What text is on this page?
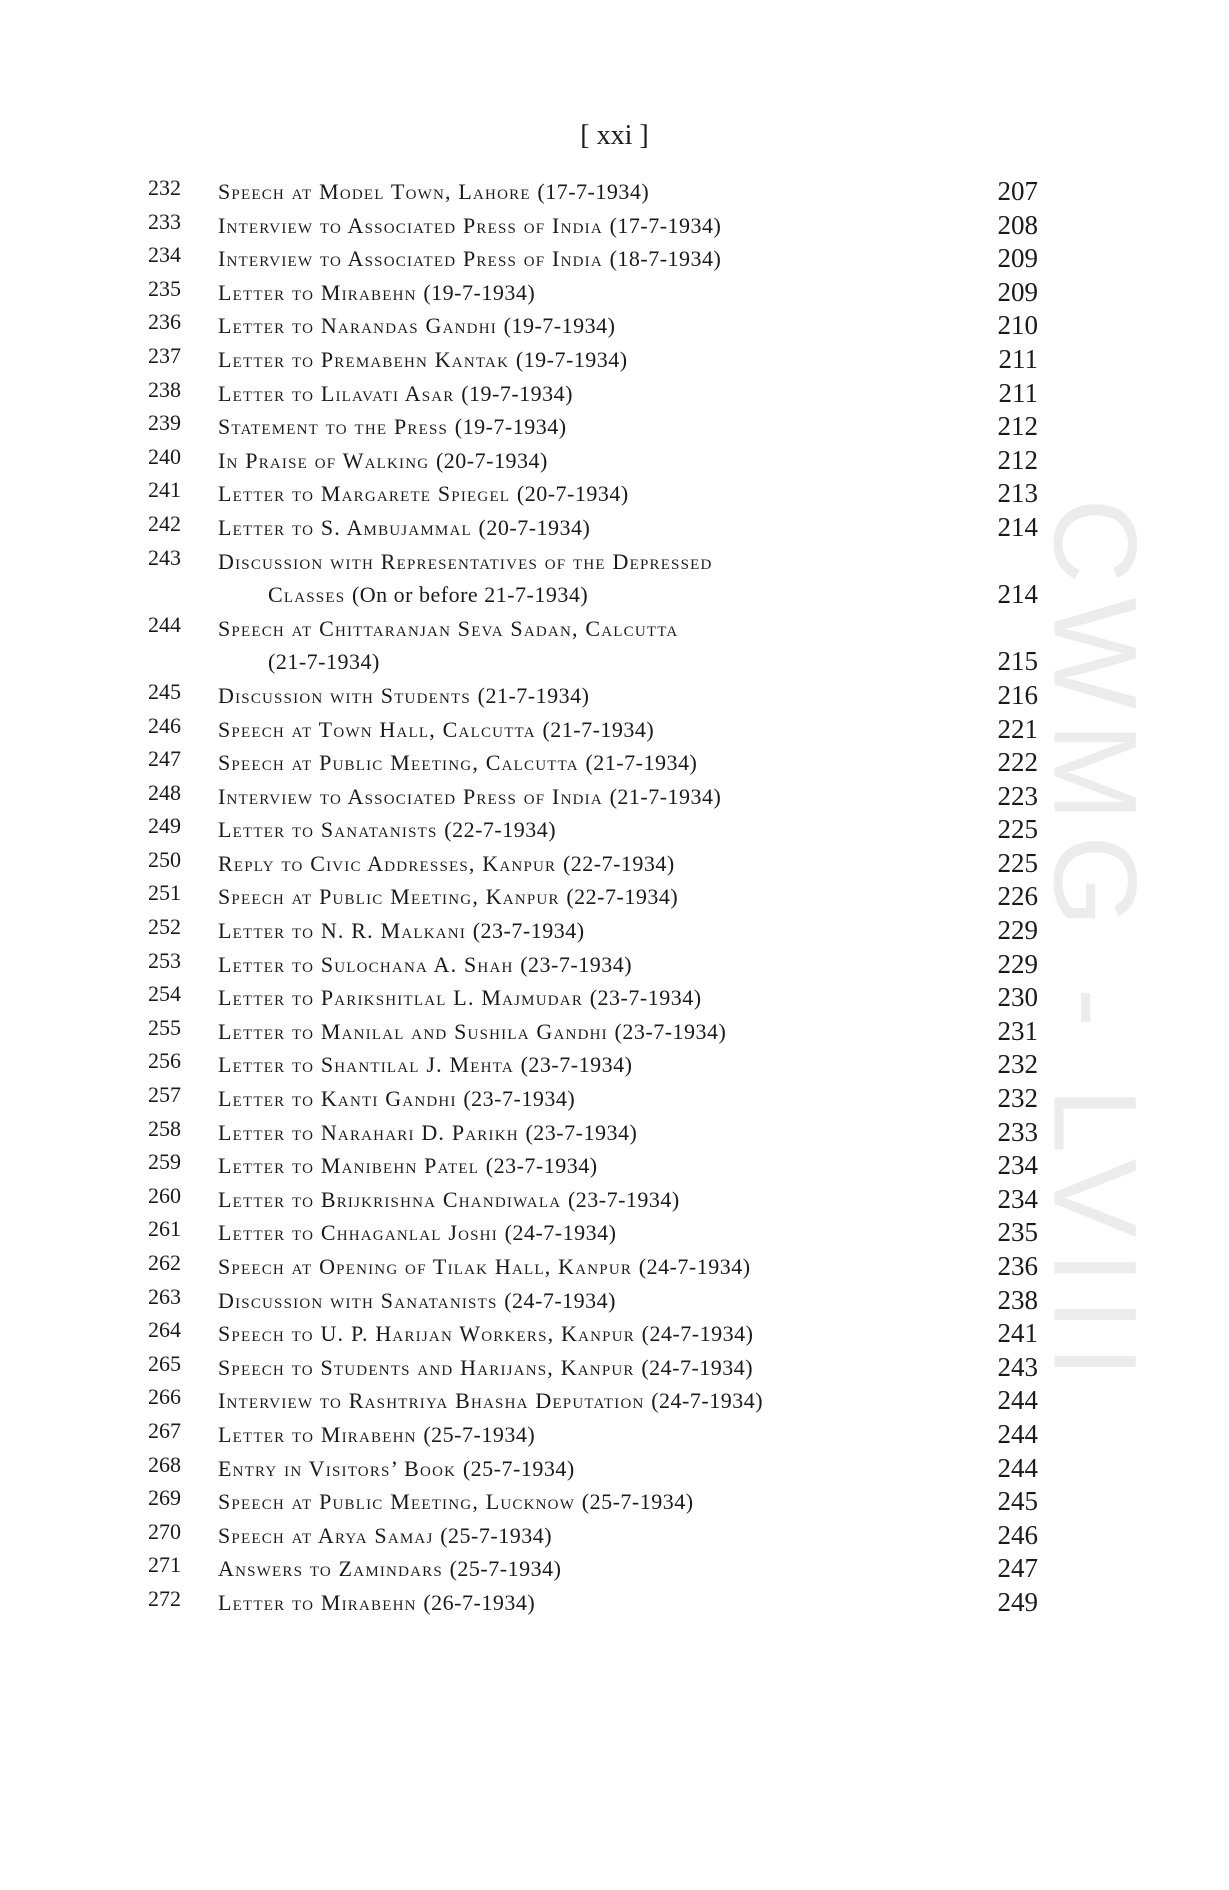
[ xxi ]
CWMG - LVIII
232 Speech at Model Town, Lahore (17-7-1934)	207
233 Interview to Associated Press of India (17-7-1934)	208
234 Interview to Associated Press of India (18-7-1934)	209
235 Letter to Mirabehn (19-7-1934)	209
236 Letter to Narandas Gandhi (19-7-1934)	210
237 Letter to Premabehn Kantak (19-7-1934)	211
238 Letter to Lilavati Asar (19-7-1934)	211
239 Statement to the Press (19-7-1934)	212
240 In Praise of Walking (20-7-1934)	212
241 Letter to Margarete Spiegel (20-7-1934)	213
242 Letter to S. Ambujammal (20-7-1934)	214
243 Discussion with Representatives of the Depressed
Classes (On or before 21-7-1934)	214
244 Speech at Chittaranjan Seva Sadan, Calcutta
(21-7-1934)	215
245 Discussion with Students (21-7-1934)	216
246 Speech at Town Hall, Calcutta (21-7-1934)	221
247 Speech at Public Meeting, Calcutta (21-7-1934)	222
248 Interview to Associated Press of India (21-7-1934)	223
249 Letter to Sanatanists (22-7-1934)	225
250 Reply to Civic Addresses, Kanpur (22-7-1934)	225
251 Speech at Public Meeting, Kanpur (22-7-1934)	226
252 Letter to N. R. Malkani (23-7-1934)	229
253 Letter to Sulochana A. Shah (23-7-1934)	229
254 Letter to Parikshitlal L. Majmudar (23-7-1934)	230
255 Letter to Manilal and Sushila Gandhi (23-7-1934)	231
256 Letter to Shantilal J. Mehta (23-7-1934)	232
257 Letter to Kanti Gandhi (23-7-1934)	232
258 Letter to Narahari D. Parikh (23-7-1934)	233
259 Letter to Manibehn Patel (23-7-1934)	234
260 Letter to Brijkrishna Chandiwala (23-7-1934)	234
261 Letter to Chhaganlal Joshi (24-7-1934)	235
262 Speech at Opening of Tilak Hall, Kanpur (24-7-1934)	236
263 Discussion with Sanatanists (24-7-1934)	238
264 Speech to U. P. Harijan Workers, Kanpur (24-7-1934)	241
265 Speech to Students and Harijans, Kanpur (24-7-1934)	243
266 Interview to Rashtriya Bhasha Deputation (24-7-1934)	244
267 Letter to Mirabehn (25-7-1934)	244
268 Entry in Visitors’ Book (25-7-1934)	244
269 Speech at Public Meeting, Lucknow (25-7-1934)	245
270 Speech at Arya Samaj (25-7-1934)	246
271 Answers to Zamindars (25-7-1934)	247
272 Letter to Mirabehn (26-7-1934)	249
